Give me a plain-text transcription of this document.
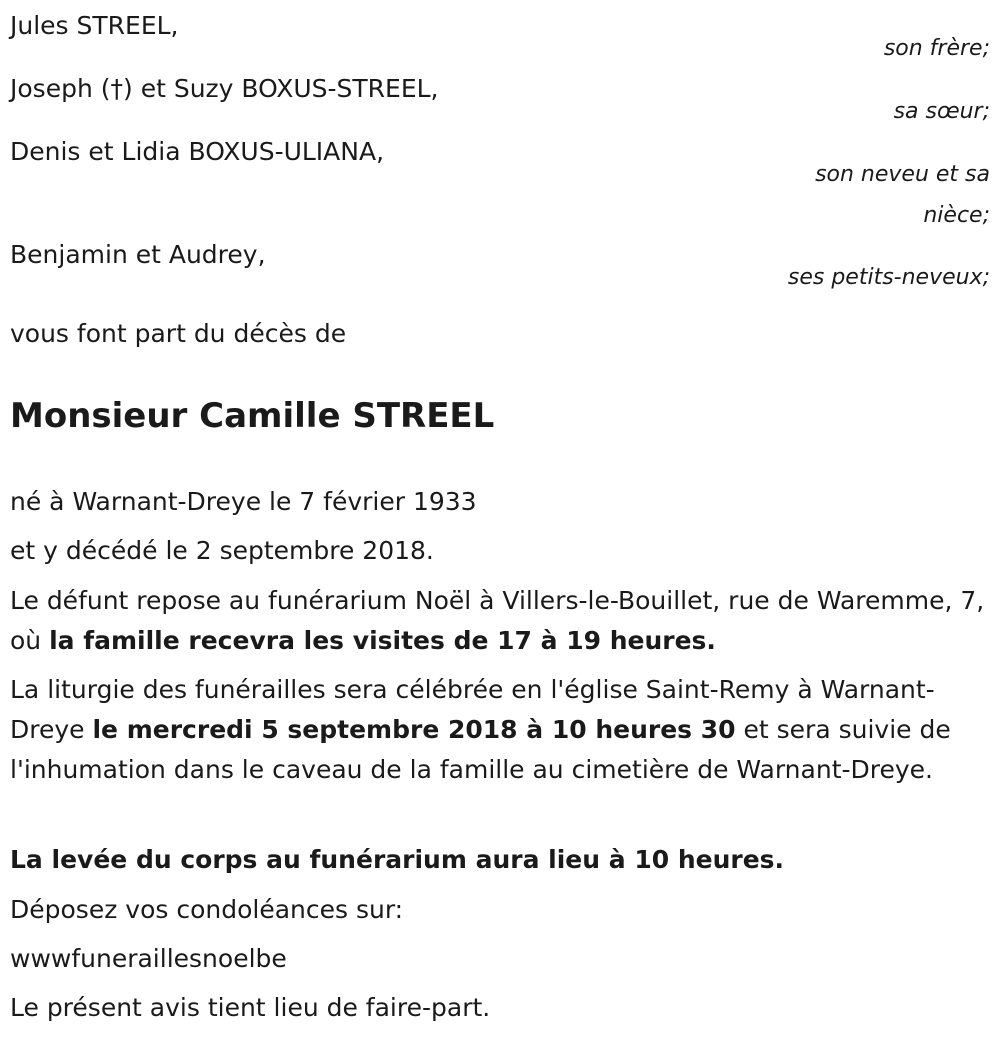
Jules STREEL,
son frère;
Joseph (†) et Suzy BOXUS-STREEL,
sa sœur;
Denis et Lidia BOXUS-ULIANA,
son neveu et sa
nièce;
Benjamin et Audrey,
ses petits-neveux;
vous font part du décès de
Monsieur Camille STREEL
né à Warnant-Dreye le 7 février 1933
et y décédé le 2 septembre 2018.
Le défunt repose au funérarium Noël à Villers-le-Bouillet, rue de Waremme, 7, où la famille recevra les visites de 17 à 19 heures.
La liturgie des funérailles sera célébrée en l'église Saint-Remy à Warnant-Dreye le mercredi 5 septembre 2018 à 10 heures 30 et sera suivie de l'inhumation dans le caveau de la famille au cimetière de Warnant-Dreye.
La levée du corps au funérarium aura lieu à 10 heures.
Déposez vos condoléances sur:
wwwfuneraillesnoelbe
Le présent avis tient lieu de faire-part.
